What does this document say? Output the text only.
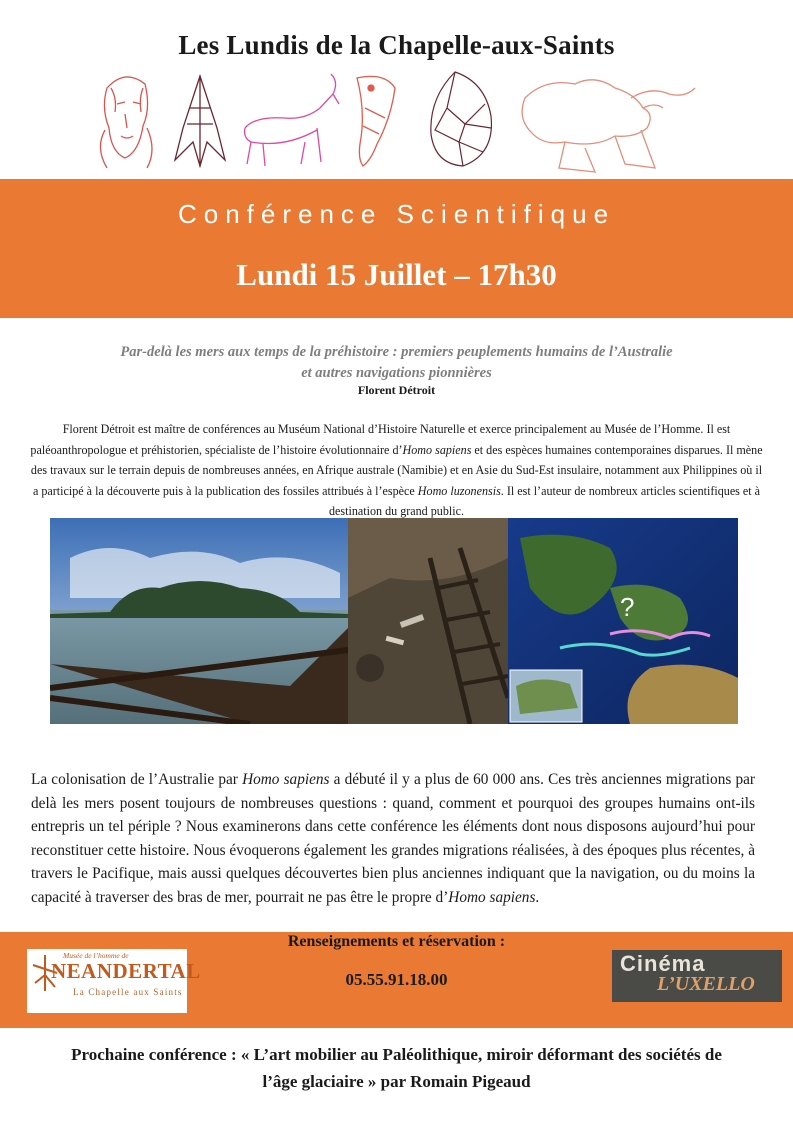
Les Lundis de la Chapelle-aux-Saints
Conférence Scientifique
Lundi 15 Juillet – 17h30
Par-delà les mers aux temps de la préhistoire : premiers peuplements humains de l’Australie
et autres navigations pionnières
Florent Détroit
Florent Détroit est maître de conférences au Muséum National d’Histoire Naturelle et exerce principalement au Musée de l’Homme. Il est paléoanthropologue et préhistorien, spécialiste de l’histoire évolutionnaire d’Homo sapiens et des espèces humaines contemporaines disparues. Il mène des travaux sur le terrain depuis de nombreuses années, en Afrique australe (Namibie) et en Asie du Sud-Est insulaire, notamment aux Philippines où il a participé à la découverte puis à la publication des fossiles attribués à l’espèce Homo luzonensis. Il est l’auteur de nombreux articles scientifiques et à destination du grand public.
?
La colonisation de l’Australie par Homo sapiens a débuté il y a plus de 60 000 ans. Ces très anciennes migrations par delà les mers posent toujours de nombreuses questions : quand, comment et pourquoi des groupes humains ont-ils entrepris un tel périple ? Nous examinerons dans cette conférence les éléments dont nous disposons aujourd’hui pour reconstituer cette histoire. Nous évoquerons également les grandes migrations réalisées, à des époques plus récentes, à travers le Pacifique, mais aussi quelques découvertes bien plus anciennes indiquant que la navigation, ou du moins la capacité à traverser des bras de mer, pourrait ne pas être le propre d’Homo sapiens.
Renseignements et réservation :
05.55.91.18.00
Musée de l’homme de
NEANDERTAL
La Chapelle aux Saints
Cinéma
L’UXELLO
Prochaine conférence : « L’art mobilier au Paléolithique, miroir déformant des sociétés de
l’âge glaciaire » par Romain Pigeaud
